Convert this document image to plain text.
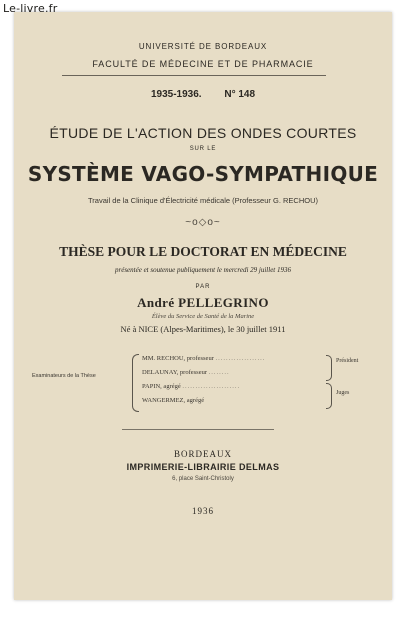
Le-livre.fr
UNIVERSITÉ DE BORDEAUX
FACULTÉ DE MÉDECINE ET DE PHARMACIE
1935-1936. N° 148
ÉTUDE DE L'ACTION DES ONDES COURTES
SUR LE
SYSTÈME VAGO-SYMPATHIQUE
Travail de la Clinique d'Électricité médicale (Professeur G. RECHOU)
~o◇o~
THÈSE POUR LE DOCTORAT EN MÉDECINE
présentée et soutenue publiquement le mercredi 29 juillet 1936
PAR
André PELLEGRINO
Élève du Service de Santé de la Marine
Né à NICE (Alpes-Maritimes), le 30 juillet 1911
Examinateurs de la Thèse
MM. RECHOU, professeur ...................
DELAUNAY, professeur ........
PAPIN, agrégé ......................
WANGERMEZ, agrégé
Président
Juges
BORDEAUX
IMPRIMERIE-LIBRAIRIE DELMAS
6, place Saint-Christoly
1936
